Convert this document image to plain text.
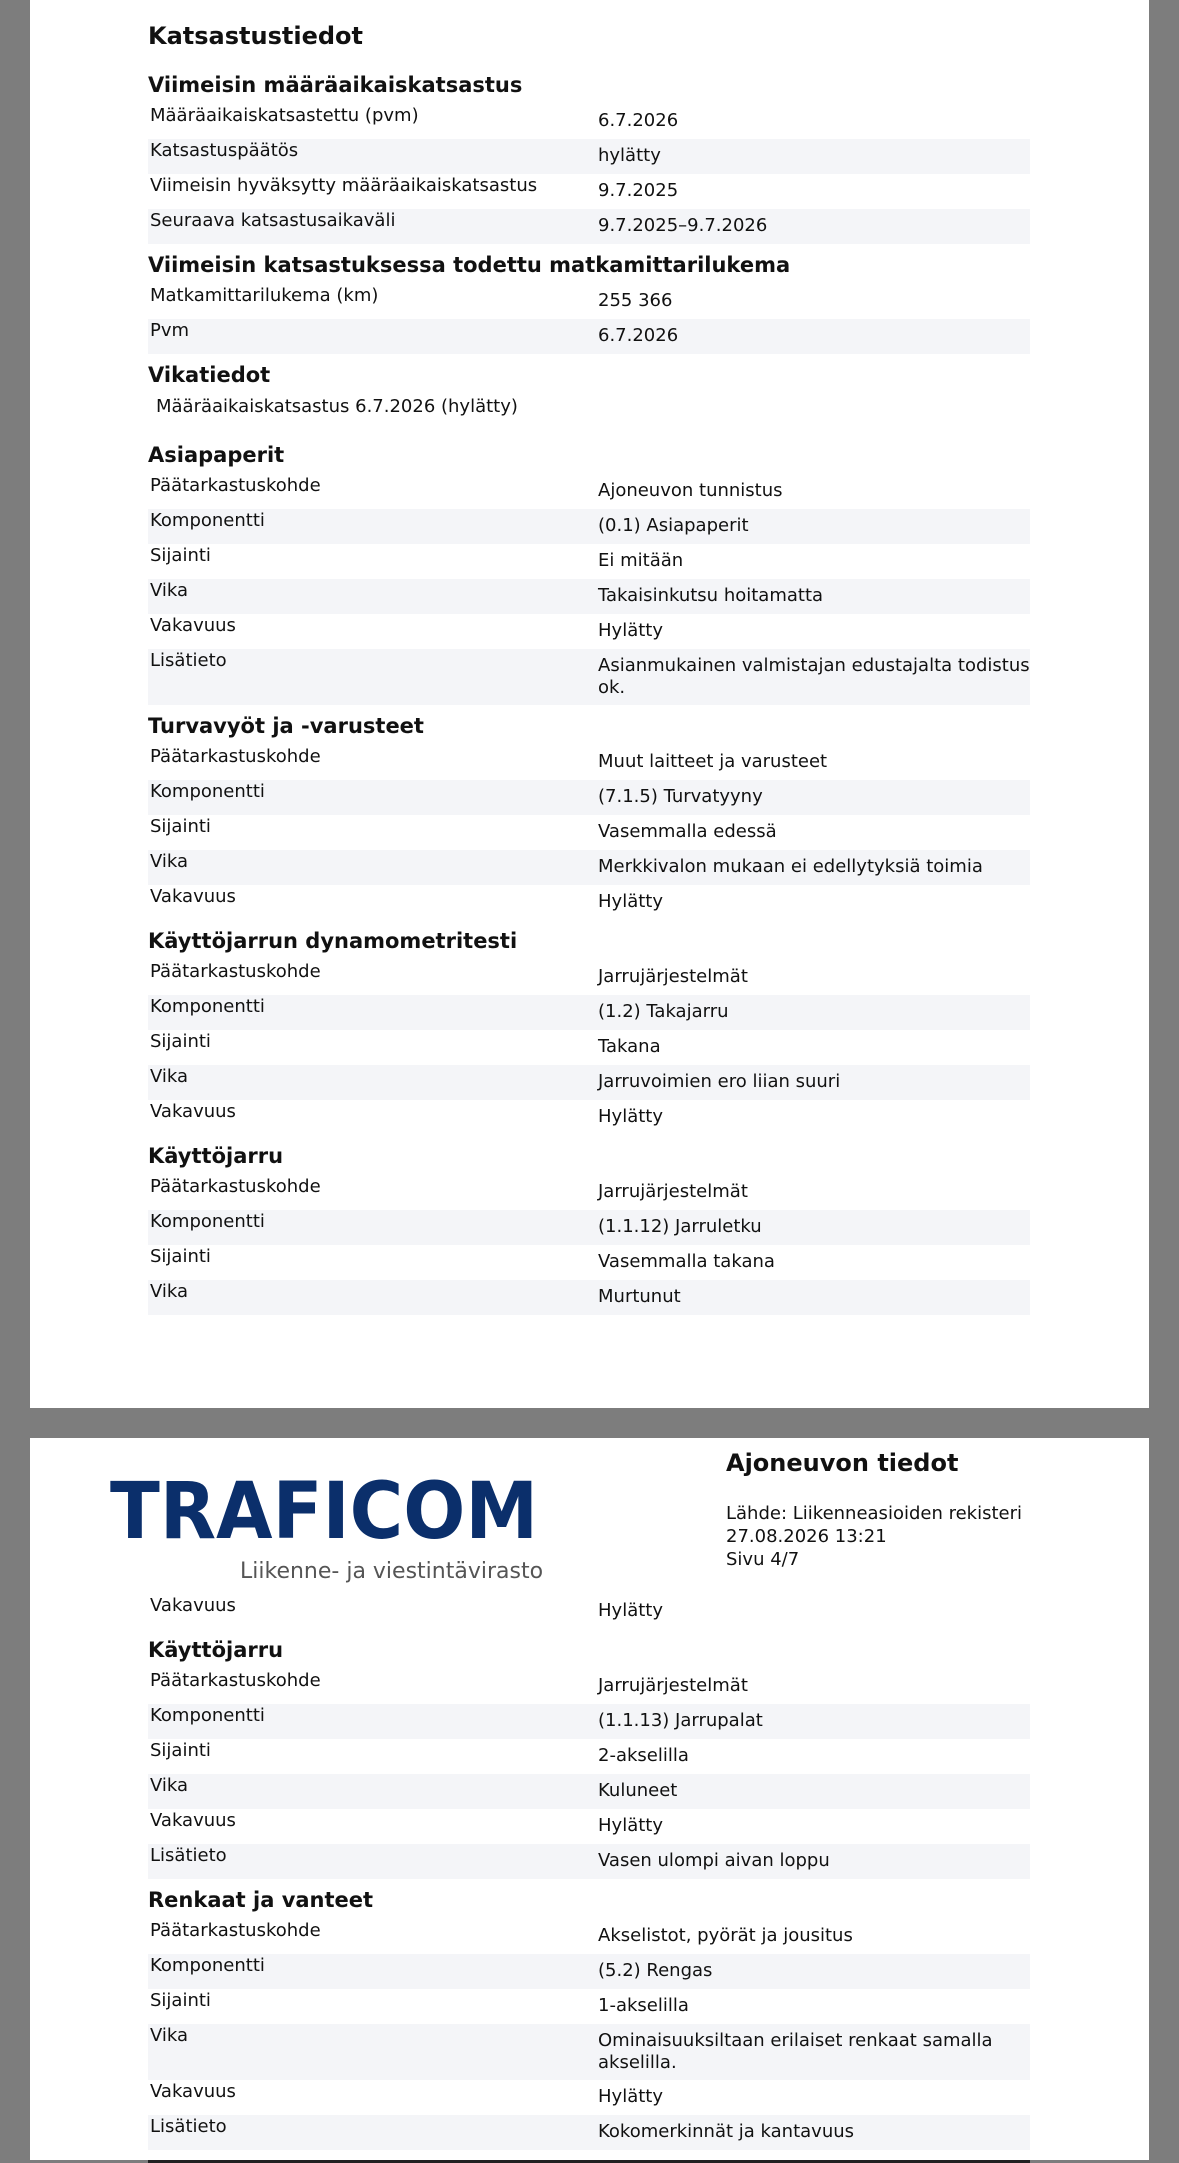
Katsastustiedot
Viimeisin määräaikaiskatsastus
Määräaikaiskatsastettu (pvm)	6.7.2026
Katsastuspäätös	hylätty
Viimeisin hyväksytty määräaikaiskatsastus	9.7.2025
Seuraava katsastusaikaväli	9.7.2025–9.7.2026
Viimeisin katsastuksessa todettu matkamittarilukema
Matkamittarilukema (km)	255 366
Pvm	6.7.2026
Vikatiedot
Määräaikaiskatsastus 6.7.2026 (hylätty)
Asiapaperit
Päätarkastuskohde	Ajoneuvon tunnistus
Komponentti	(0.1) Asiapaperit
Sijainti	Ei mitään
Vika	Takaisinkutsu hoitamatta
Vakavuus	Hylätty
Lisätieto	Asianmukainen valmistajan edustajalta todistus ok.
Turvavyöt ja -varusteet
Päätarkastuskohde	Muut laitteet ja varusteet
Komponentti	(7.1.5) Turvatyyny
Sijainti	Vasemmalla edessä
Vika	Merkkivalon mukaan ei edellytyksiä toimia
Vakavuus	Hylätty
Käyttöjarrun dynamometritesti
Päätarkastuskohde	Jarrujärjestelmät
Komponentti	(1.2) Takajarru
Sijainti	Takana
Vika	Jarruvoimien ero liian suuri
Vakavuus	Hylätty
Käyttöjarru
Päätarkastuskohde	Jarrujärjestelmät
Komponentti	(1.1.12) Jarruletku
Sijainti	Vasemmalla takana
Vika	Murtunut
TRAFICOM
Liikenne- ja viestintävirasto
Ajoneuvon tiedot
Lähde: Liikenneasioiden rekisteri
27.08.2026 13:21
Sivu 4/7
Vakavuus	Hylätty
Käyttöjarru
Päätarkastuskohde	Jarrujärjestelmät
Komponentti	(1.1.13) Jarrupalat
Sijainti	2-akselilla
Vika	Kuluneet
Vakavuus	Hylätty
Lisätieto	Vasen ulompi aivan loppu
Renkaat ja vanteet
Päätarkastuskohde	Akselistot, pyörät ja jousitus
Komponentti	(5.2) Rengas
Sijainti	1-akselilla
Vika	Ominaisuuksiltaan erilaiset renkaat samalla akselilla.
Vakavuus	Hylätty
Lisätieto	Kokomerkinnät ja kantavuus
